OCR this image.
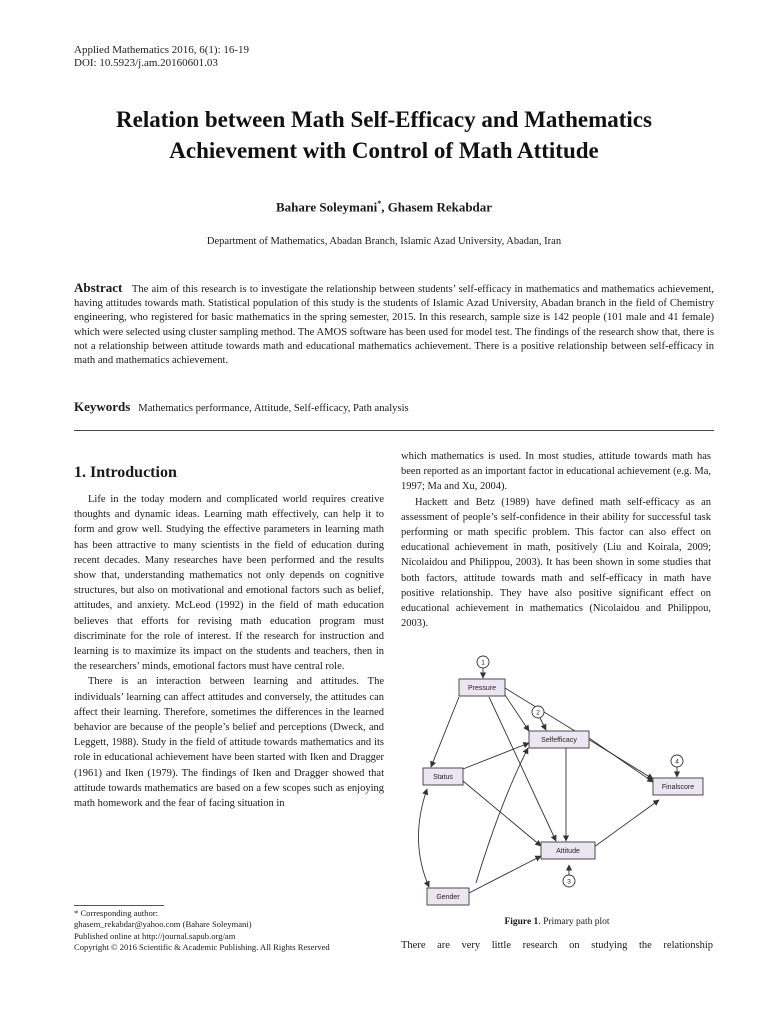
Applied Mathematics 2016, 6(1): 16-19
DOI: 10.5923/j.am.20160601.03
Relation between Math Self-Efficacy and Mathematics
Achievement with Control of Math Attitude
Bahare Soleymani*, Ghasem Rekabdar
Department of Mathematics, Abadan Branch, Islamic Azad University, Abadan, Iran
Abstract The aim of this research is to investigate the relationship between students’ self-efficacy in mathematics and mathematics achievement, having attitudes towards math. Statistical population of this study is the students of Islamic Azad University, Abadan branch in the field of Chemistry engineering, who registered for basic mathematics in the spring semester, 2015. In this research, sample size is 142 people (101 male and 41 female) which were selected using cluster sampling method. The AMOS software has been used for model test. The findings of the research show that, there is not a relationship between attitude towards math and educational mathematics achievement. There is a positive relationship between self-efficacy in math and mathematics achievement.
Keywords Mathematics performance, Attitude, Self-efficacy, Path analysis
1. Introduction

Life in the today modern and complicated world requires creative thoughts and dynamic ideas. Learning math effectively, can help it to form and grow well. Studying the effective parameters in learning math has been attractive to many scientists in the field of education during recent decades. Many researches have been performed and the results show that, understanding mathematics not only depends on cognitive structures, but also on motivational and emotional factors such as belief, attitudes, and anxiety. McLeod (1992) in the field of math education believes that efforts for revising math education program must discriminate for the role of interest. If the research for instruction and learning is to maximize its impact on the students and teachers, then in the researchers’ minds, emotional factors must have central role.

There is an interaction between learning and attitudes. The individuals’ learning can affect attitudes and conversely, the attitudes can affect their learning. Therefore, sometimes the differences in the learned behavior are because of the people’s belief and perceptions (Dweck, and Leggett, 1988). Study in the field of attitude towards mathematics and its role in educational achievement have been started with Iken and Dragger (1961) and Iken (1979). The findings of Iken and Dragger showed that attitude towards mathematics are based on a few scopes such as enjoying math homework and the fear of facing situation in

* Corresponding author:
ghasem_rekabdar@yahoo.com (Bahare Soleymani)
Published online at http://journal.sapub.org/am
Copyright © 2016 Scientific & Academic Publishing. All Rights Reserved

which mathematics is used. In most studies, attitude towards math has been reported as an important factor in educational achievement (e.g. Ma, 1997; Ma and Xu, 2004).

Hackett and Betz (1989) have defined math self-efficacy as an assessment of people’s self-confidence in their ability for successful task performing or math specific problem. This factor can also effect on educational achievement in math, positively (Liu and Koirala, 2009; Nicolaidou and Philippou, 2003). It has been shown in some studies that both factors, attitude towards math and self-efficacy in math have positive relationship. They have also positive significant effect on educational achievement in mathematics (Nicolaidou and Philippou, 2003).

1
2
3
4
Pressure
Selfefficacy
Status
Finalscore
Attitude
Gender
Figure 1. Primary path plot
There are very little research on studying the relationship
